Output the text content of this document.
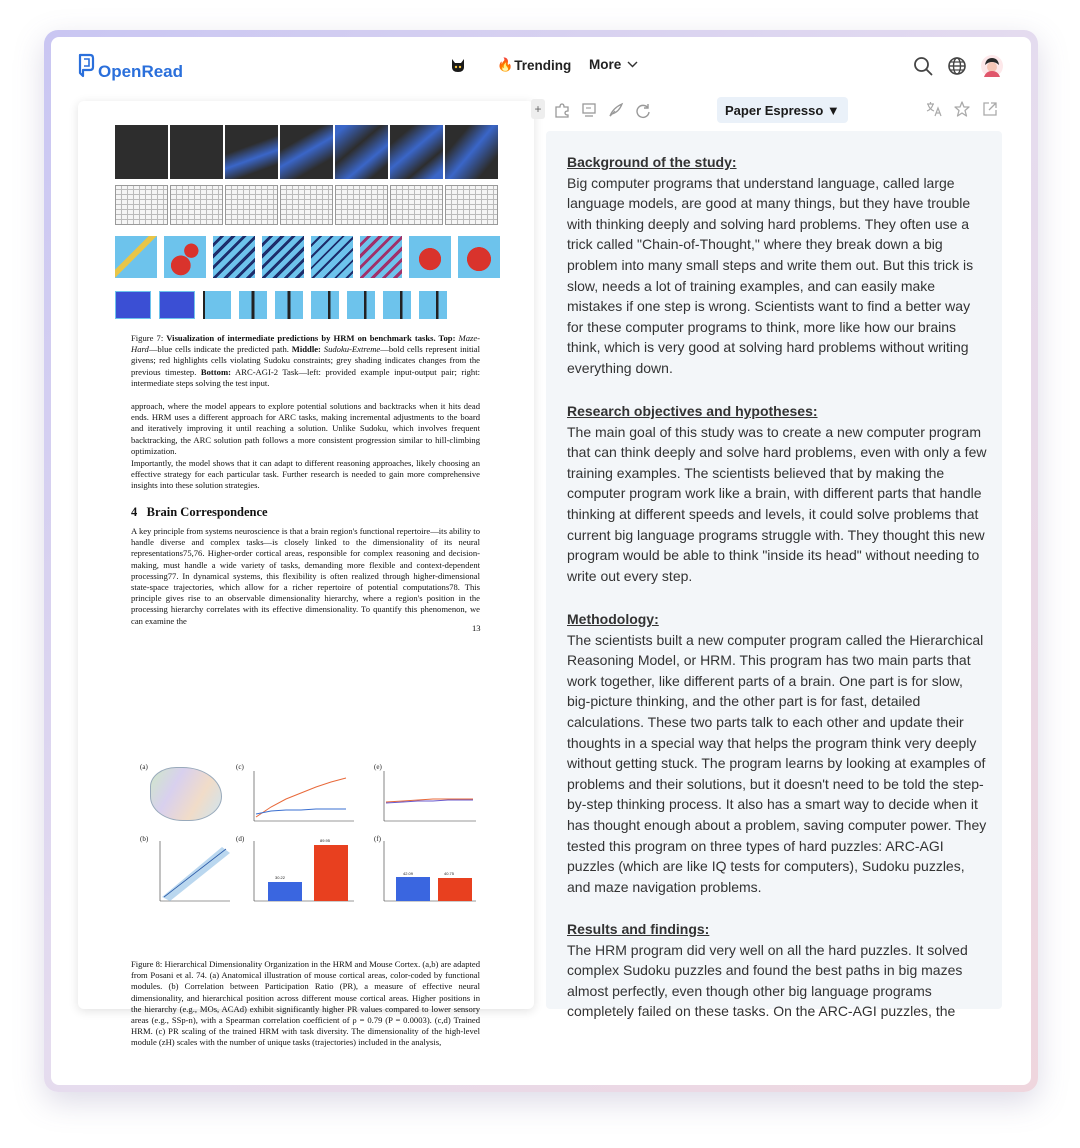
OpenRead	🔥 Trending More
Figure 7: Visualization of intermediate predictions by HRM on benchmark tasks. Top: Maze-Hard—blue cells indicate the predicted path. Middle: Sudoku-Extreme—bold cells represent initial givens; red highlights cells violating Sudoku constraints; grey shading indicates changes from the previous timestep. Bottom: ARC-AGI-2 Task—left: provided example input-output pair; right: intermediate steps solving the test input.
approach, where the model appears to explore potential solutions and backtracks when it hits dead ends. HRM uses a different approach for ARC tasks, making incremental adjustments to the board and iteratively improving it until reaching a solution. Unlike Sudoku, which involves frequent backtracking, the ARC solution path follows a more consistent progression similar to hill-climbing optimization.
Importantly, the model shows that it can adapt to different reasoning approaches, likely choosing an effective strategy for each particular task. Further research is needed to gain more comprehensive insights into these solution strategies.
4   Brain Correspondence
A key principle from systems neuroscience is that a brain region's functional repertoire—its ability to handle diverse and complex tasks—is closely linked to the dimensionality of its neural representations75,76. Higher-order cortical areas, responsible for complex reasoning and decision-making, must handle a wide variety of tasks, demanding more flexible and context-dependent processing77. In dynamical systems, this flexibility is often realized through higher-dimensional state-space trajectories, which allow for a richer repertoire of potential computations78. This principle gives rise to an observable dimensionality hierarchy, where a region's position in the processing hierarchy correlates with its effective dimensionality. To quantify this phenomenon, we can examine the
13
(a)	(c)	(e)
(b)	(d)
30.22
89.95	(f)
42.09	40.75
Figure 8: Hierarchical Dimensionality Organization in the HRM and Mouse Cortex. (a,b) are adapted from Posani et al. 74. (a) Anatomical illustration of mouse cortical areas, color-coded by functional modules. (b) Correlation between Participation Ratio (PR), a measure of effective neural dimensionality, and hierarchical position across different mouse cortical areas. Higher positions in the hierarchy (e.g., MOs, ACAd) exhibit significantly higher PR values compared to lower sensory areas (e.g., SSp-n), with a Spearman correlation coefficient of ρ = 0.79 (P = 0.0003). (c,d) Trained HRM. (c) PR scaling of the trained HRM with task diversity. The dimensionality of the high-level module (zH) scales with the number of unique tasks (trajectories) included in the analysis,
+	Paper Espresso ▼
Background of the study:
Big computer programs that understand language, called large language models, are good at many things, but they have trouble with thinking deeply and solving hard problems. They often use a trick called "Chain-of-Thought," where they break down a big problem into many small steps and write them out. But this trick is slow, needs a lot of training examples, and can easily make mistakes if one step is wrong. Scientists want to find a better way for these computer programs to think, more like how our brains think, which is very good at solving hard problems without writing everything down.
Research objectives and hypotheses:
The main goal of this study was to create a new computer program that can think deeply and solve hard problems, even with only a few training examples. The scientists believed that by making the computer program work like a brain, with different parts that handle thinking at different speeds and levels, it could solve problems that current big language programs struggle with. They thought this new program would be able to think "inside its head" without needing to write out every step.
Methodology:
The scientists built a new computer program called the Hierarchical Reasoning Model, or HRM. This program has two main parts that work together, like different parts of a brain. One part is for slow, big-picture thinking, and the other part is for fast, detailed calculations. These two parts talk to each other and update their thoughts in a special way that helps the program think very deeply without getting stuck. The program learns by looking at examples of problems and their solutions, but it doesn't need to be told the step-by-step thinking process. It also has a smart way to decide when it has thought enough about a problem, saving computer power. They tested this program on three types of hard puzzles: ARC-AGI puzzles (which are like IQ tests for computers), Sudoku puzzles, and maze navigation problems.
Results and findings:
The HRM program did very well on all the hard puzzles. It solved complex Sudoku puzzles and found the best paths in big mazes almost perfectly, even though other big language programs completely failed on these tasks. On the ARC-AGI puzzles, the
